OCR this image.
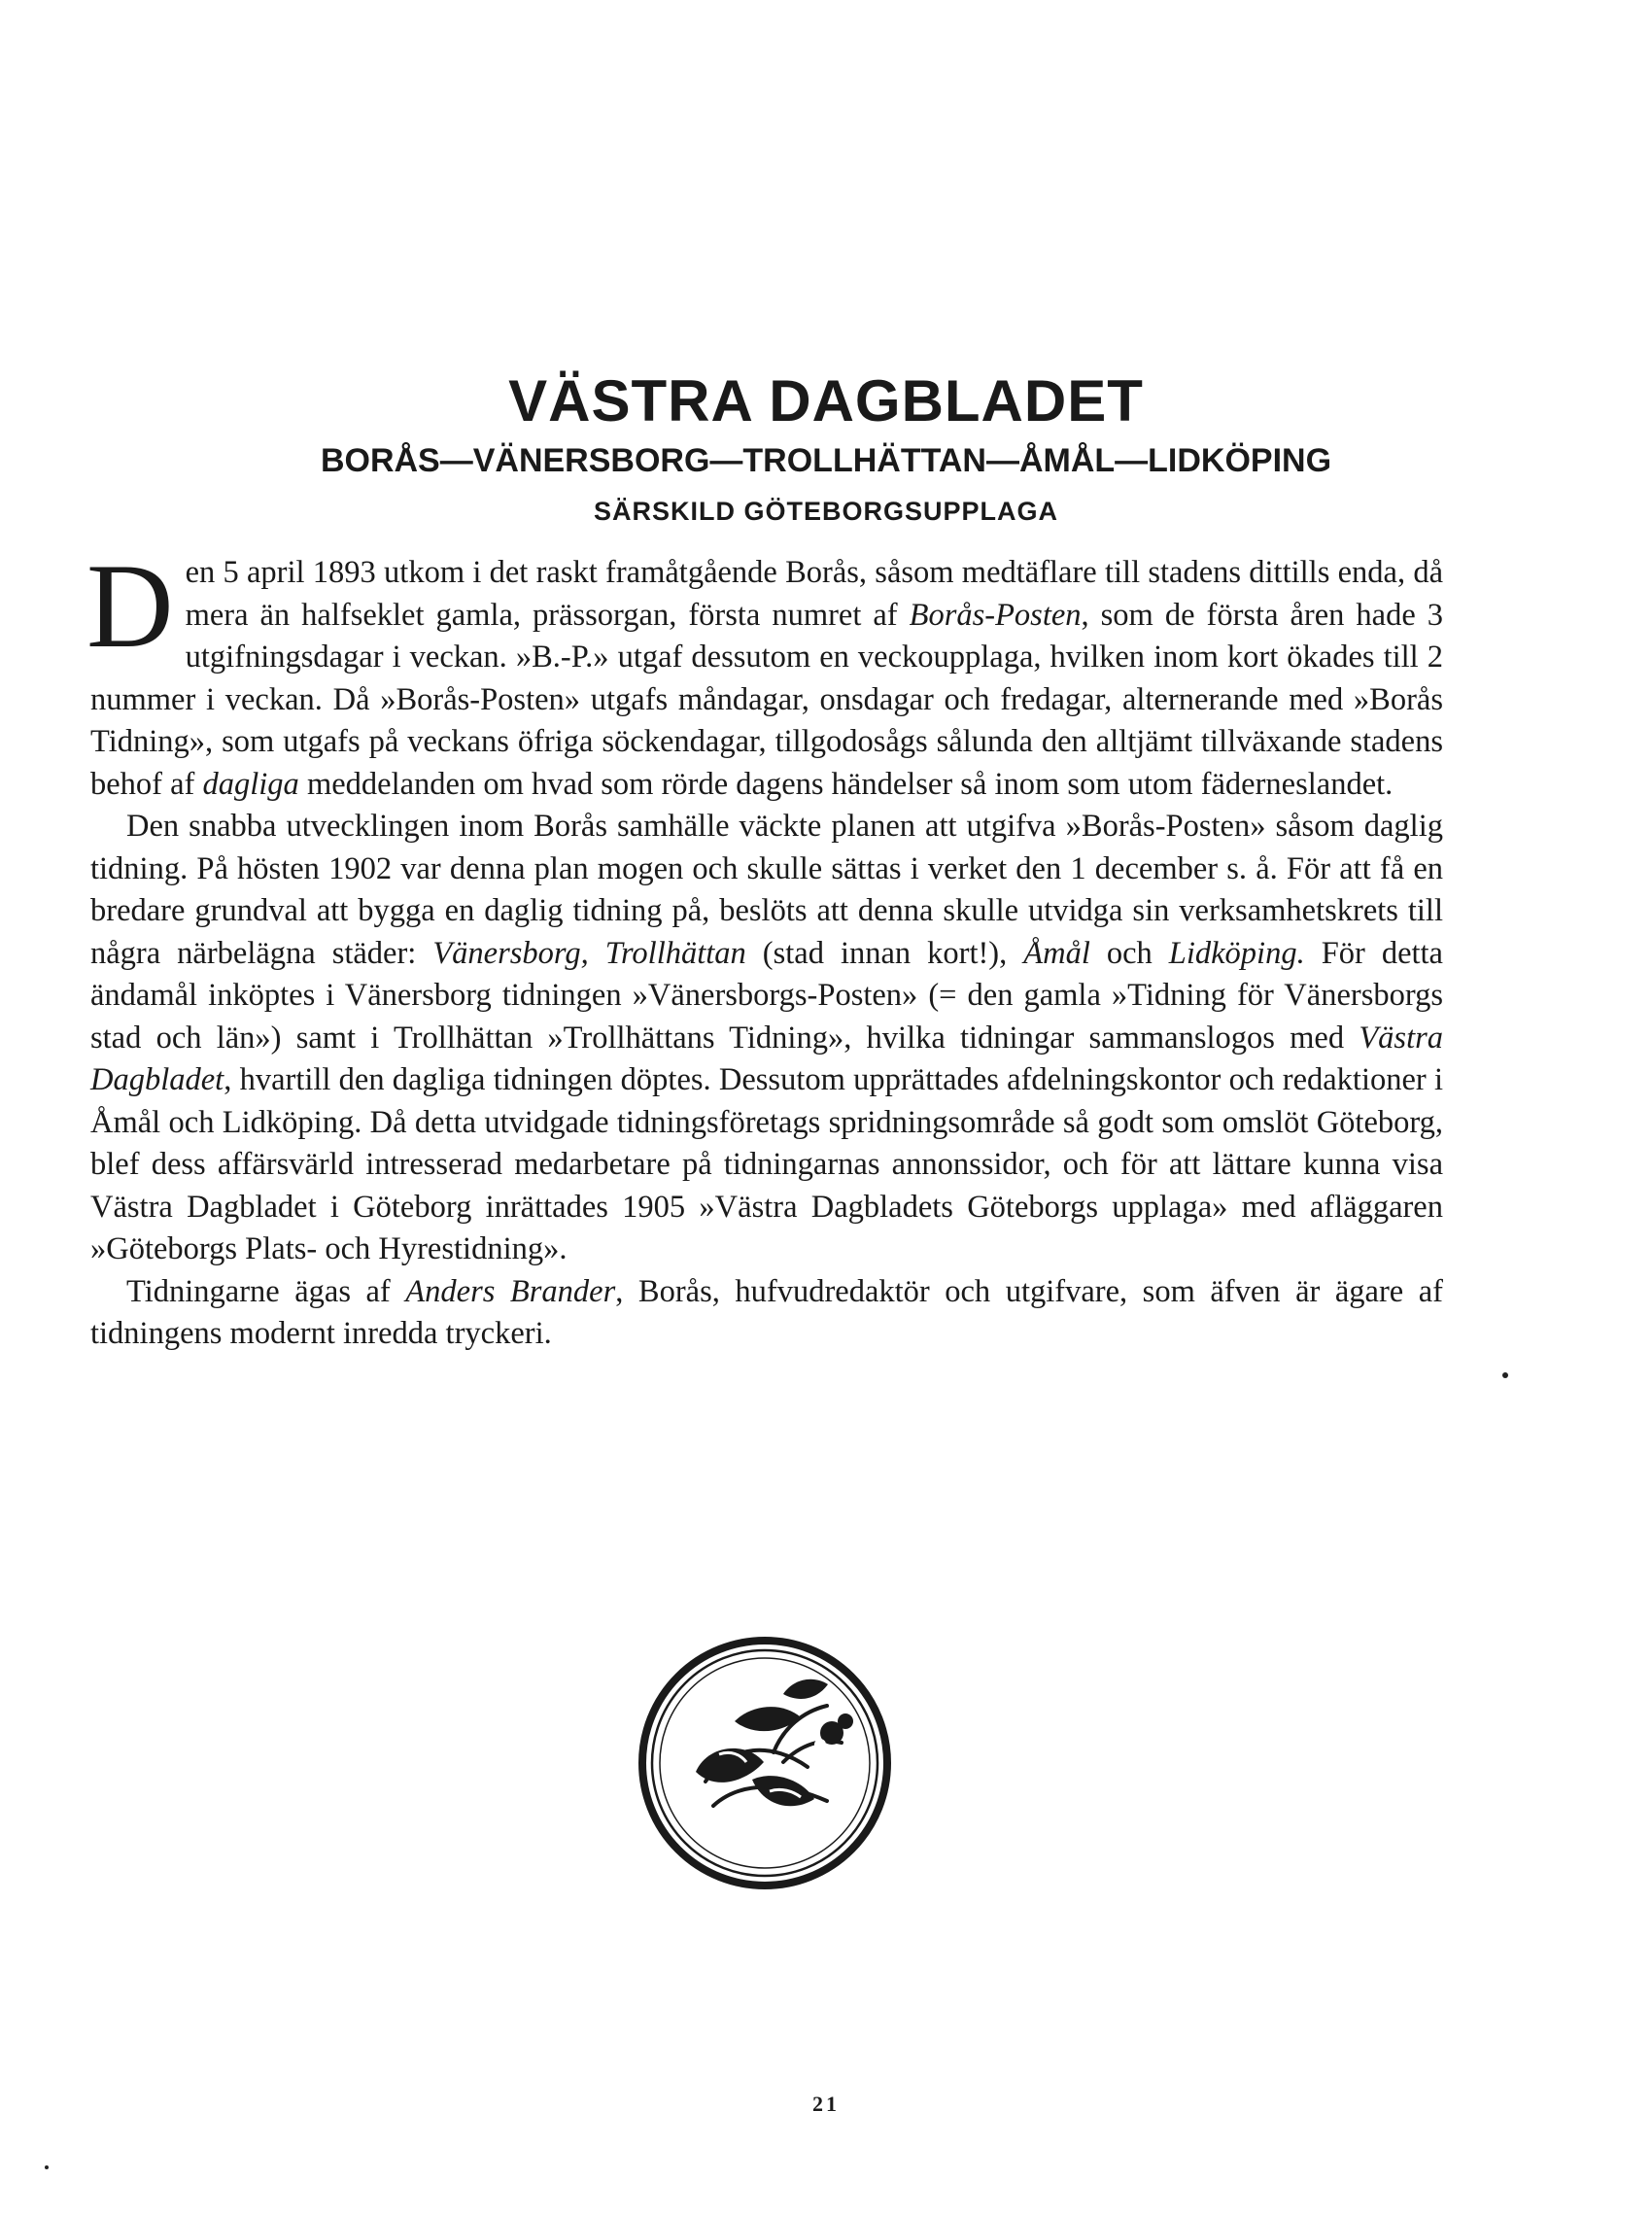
VÄSTRA DAGBLADET
BORÅS—VÄNERSBORG—TROLLHÄTTAN—ÅMÅL—LIDKÖPING
SÄRSKILD GÖTEBORGSUPPLAGA

Den 5 april 1893 utkom i det raskt framåtgående Borås, såsom medtäflare till stadens dittills enda, då mera än halfseklet gamla, prässorgan, första numret af Borås-Posten, som de första åren hade 3 utgifningsdagar i veckan. »B.-P.» utgaf dessutom en veckoupplaga, hvilken inom kort ökades till 2 nummer i veckan. Då »Borås-Posten» utgafs måndagar, onsdagar och fredagar, alternerande med »Borås Tidning», som utgafs på veckans öfriga söckendagar, tillgodosågs sålunda den alltjämt tillväxande stadens behof af dagliga meddelanden om hvad som rörde dagens händelser så inom som utom fäderneslandet.

Den snabba utvecklingen inom Borås samhälle väckte planen att utgifva »Borås-Posten» såsom daglig tidning. På hösten 1902 var denna plan mogen och skulle sättas i verket den 1 december s. å. För att få en bredare grundval att bygga en daglig tidning på, beslöts att denna skulle utvidga sin verksamhetskrets till några närbelägna städer: Vänersborg, Trollhättan (stad innan kort!), Åmål och Lidköping. För detta ändamål inköptes i Vänersborg tidningen »Vänersborgs-Posten» (= den gamla »Tidning för Vänersborgs stad och län») samt i Trollhättan »Trollhättans Tidning», hvilka tidningar sammanslogos med Västra Dagbladet, hvartill den dagliga tidningen döptes. Dessutom upprättades afdelningskontor och redaktioner i Åmål och Lidköping. Då detta utvidgade tidningsföretags spridningsområde så godt som omslöt Göteborg, blef dess affärsvärld intresserad medarbetare på tidningarnas annonssidor, och för att lättare kunna visa Västra Dagbladet i Göteborg inrättades 1905 »Västra Dagbladets Göteborgs upplaga» med afläggaren »Göteborgs Plats- och Hyrestidning».

Tidningarne ägas af Anders Brander, Borås, hufvudredaktör och utgifvare, som äfven är ägare af tidningens modernt inredda tryckeri.

21
